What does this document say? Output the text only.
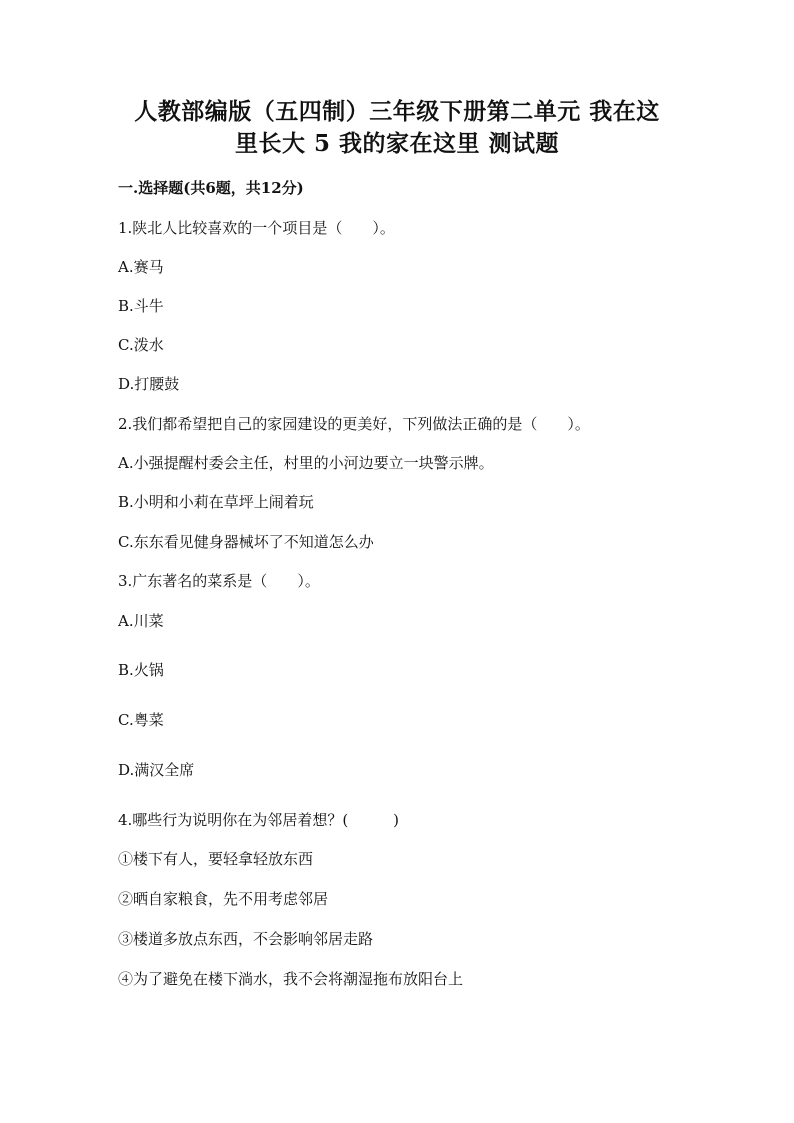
人教部编版（五四制）三年级下册第二单元 我在这
里长大 5 我的家在这里 测试题
一.选择题(共6题，共12分)
1.陕北人比较喜欢的一个项目是（　　）。
A.赛马
B.斗牛
C.泼水
D.打腰鼓
2.我们都希望把自己的家园建设的更美好，下列做法正确的是（　　）。
A.小强提醒村委会主任，村里的小河边要立一块警示牌。
B.小明和小莉在草坪上闹着玩
C.东东看见健身器械坏了不知道怎么办
3.广东著名的菜系是（　　）。
A.川菜
B.火锅
C.粤菜
D.满汉全席
4.哪些行为说明你在为邻居着想？(　　　)
①楼下有人，要轻拿轻放东西
②晒自家粮食，先不用考虑邻居
③楼道多放点东西，不会影响邻居走路
④为了避免在楼下淌水，我不会将潮湿拖布放阳台上
